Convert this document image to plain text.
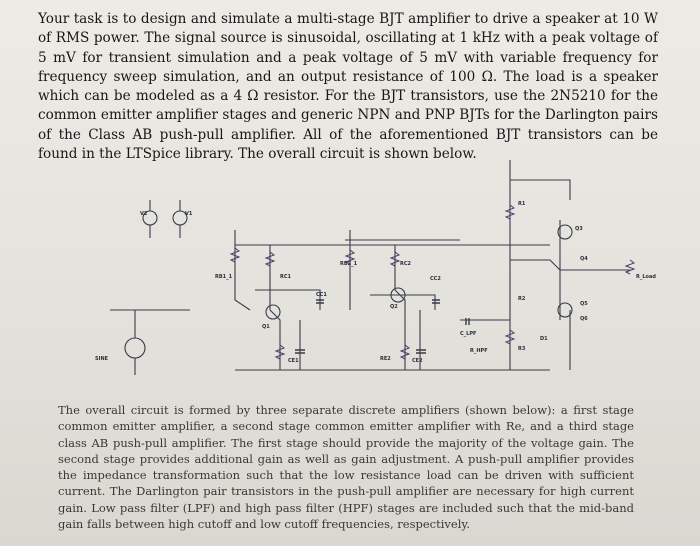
Your task is to design and simulate a multi-stage BJT amplifier to drive a speaker at 10 W of RMS power. The signal source is sinusoidal, oscillating at 1 kHz with a peak voltage of 5 mV for transient simulation and a peak voltage of 5 mV with variable frequency for frequency sweep simulation, and an output resistance of 100 Ω. The load is a speaker which can be modeled as a 4 Ω resistor. For the BJT transistors, use the 2N5210 for the common emitter amplifier stages and generic NPN and PNP BJTs for the Darlington pairs of the Class AB push-pull amplifier. All of the aforementioned BJT transistors can be found in the LTSpice library. The overall circuit is shown below.
V2	V1
SINE
RB1_1	RC1
Q1
CC1
RB2_1	RC2
Q2
CC2
Q3
Q4
Q5
Q6
R1
R2
R3
R_Load
CE1	CE2
RE2
C_LPF
R_HPF
D1
The overall circuit is formed by three separate discrete amplifiers (shown below): a first stage common emitter amplifier, a second stage common emitter amplifier with Re, and a third stage class AB push-pull amplifier. The first stage should provide the majority of the voltage gain. The second stage provides additional gain as well as gain adjustment. A push-pull amplifier provides the impedance transformation such that the low resistance load can be driven with sufficient current. The Darlington pair transistors in the push-pull amplifier are necessary for high current gain. Low pass filter (LPF) and high pass filter (HPF) stages are included such that the mid-band gain falls between high cutoff and low cutoff frequencies, respectively.
